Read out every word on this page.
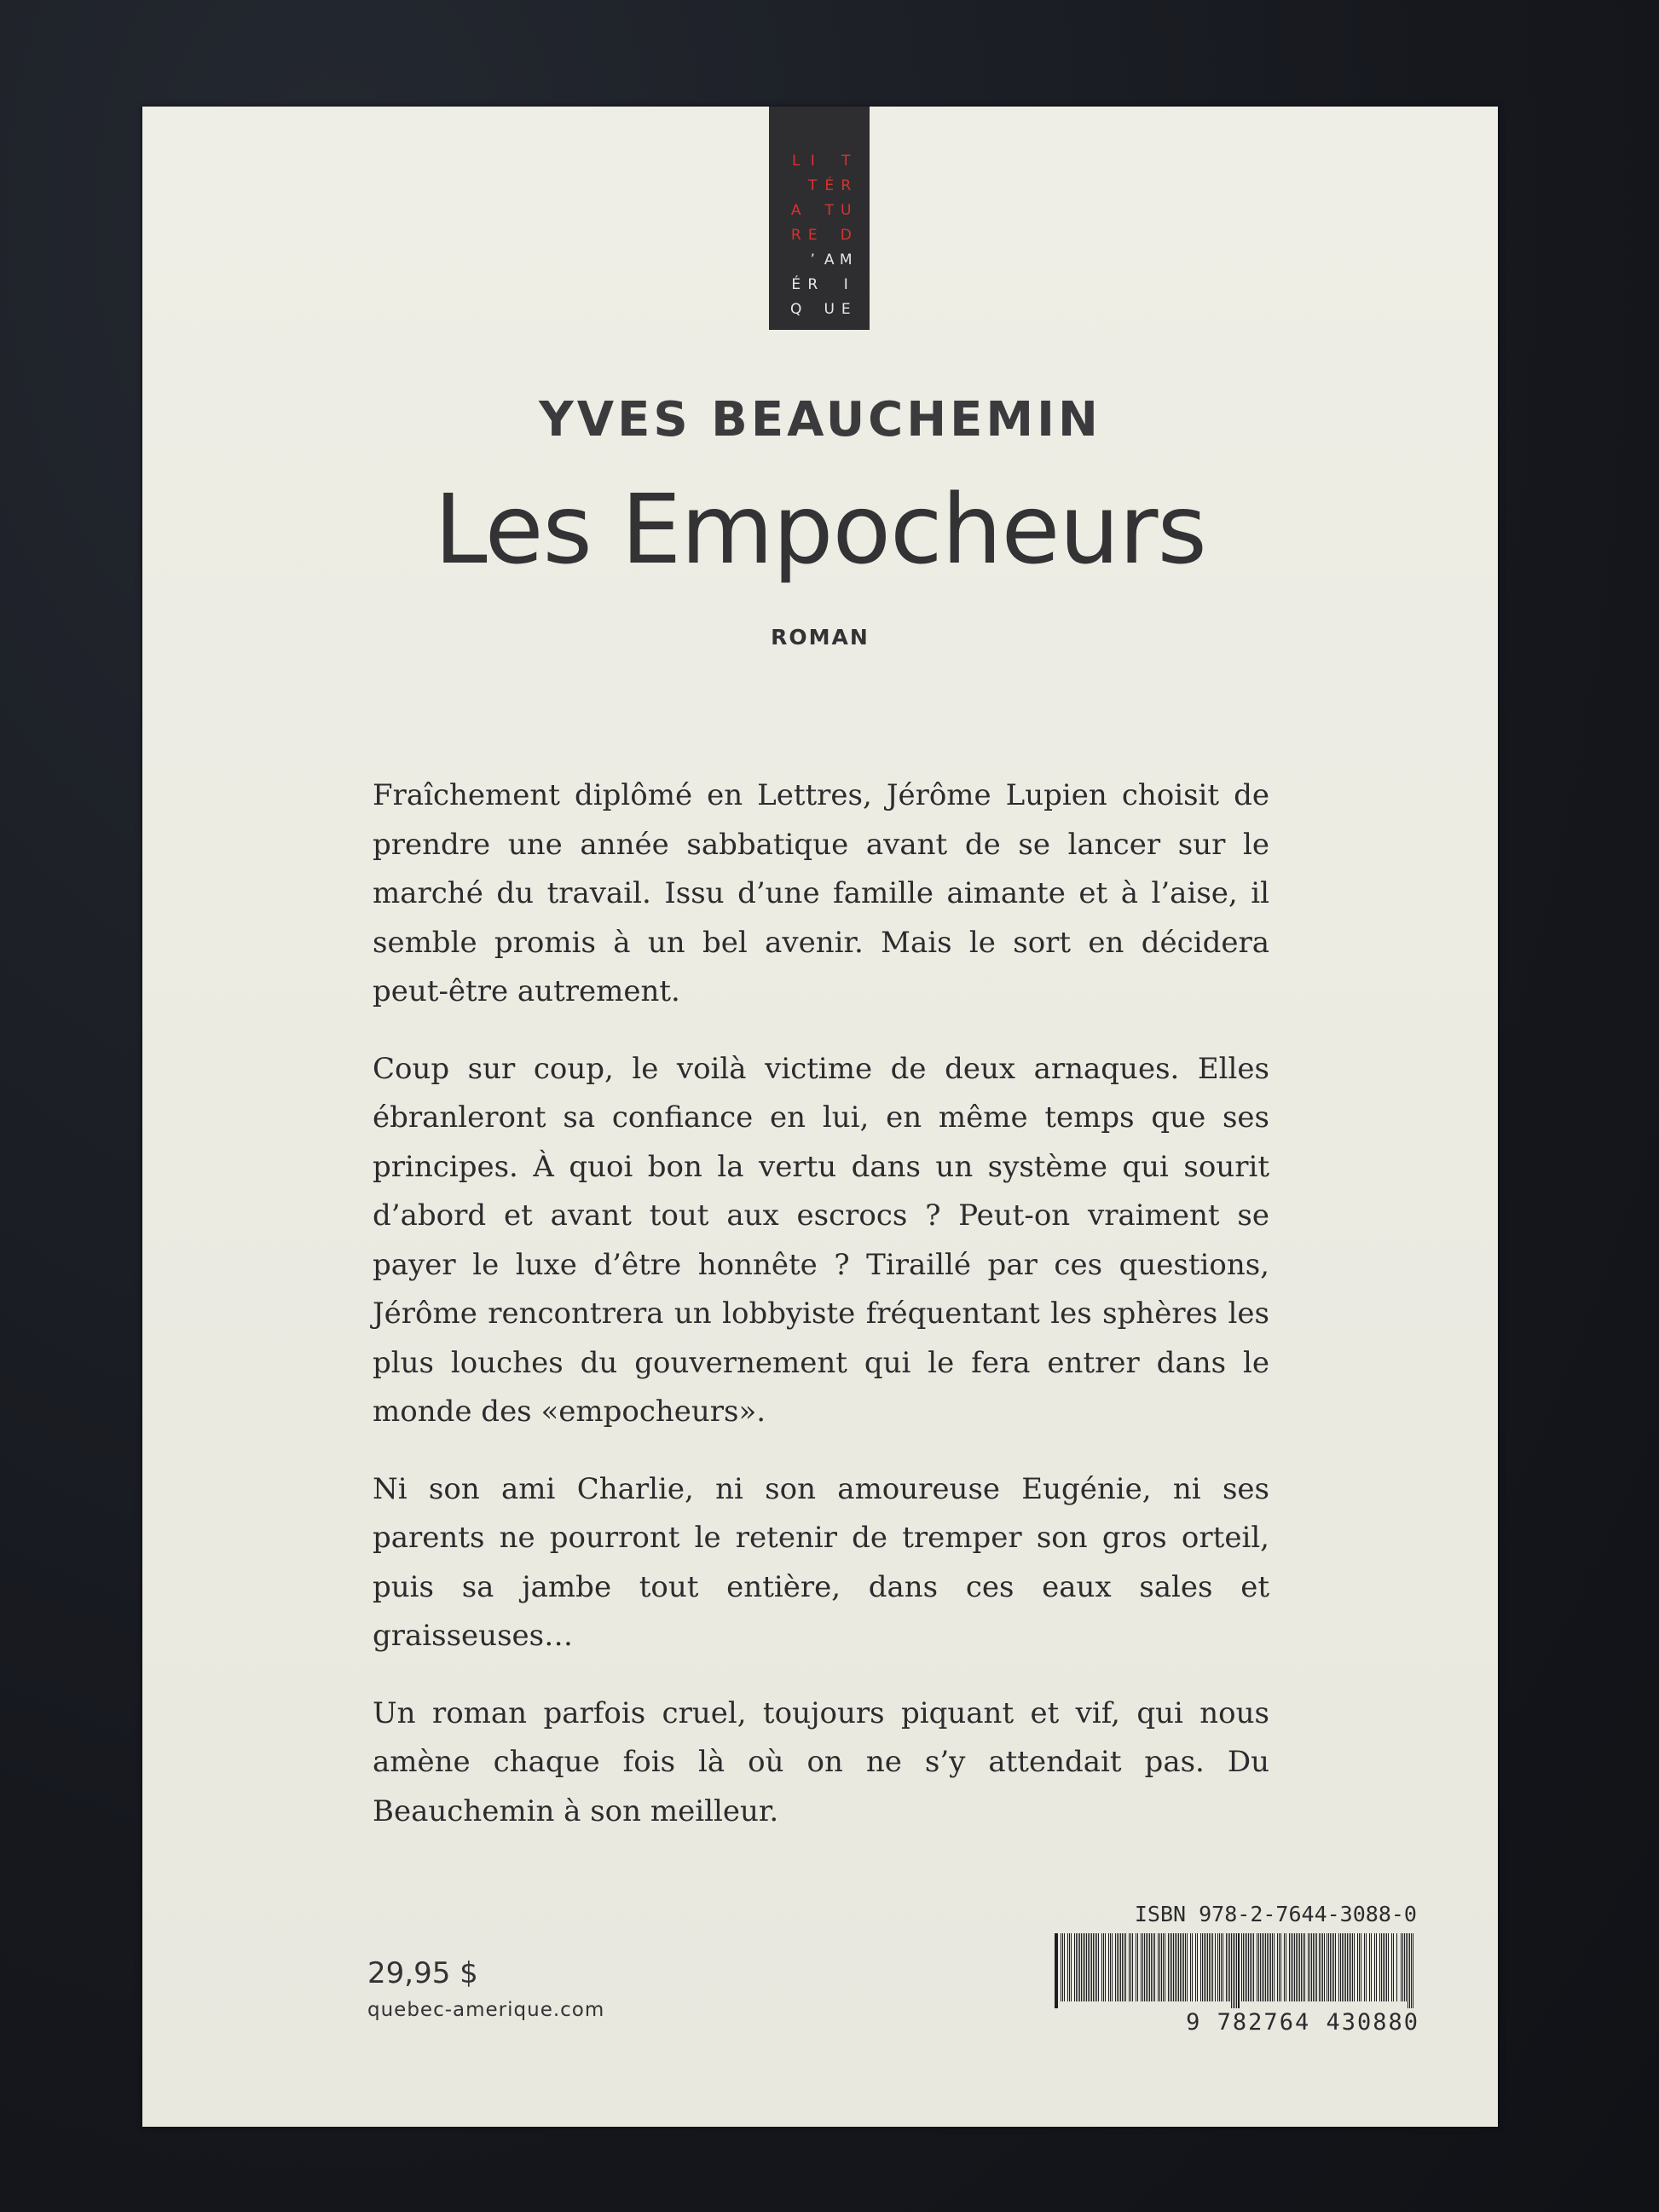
L I	T
T É R
A T U
R E D
’ A M
É R	I
Q U E
YVES BEAUCHEMIN
Les Empocheurs
ROMAN

Fraîchement diplômé en Lettres, Jérôme Lupien choisit de prendre une année sabbatique avant de se lancer sur le marché du travail. Issu d’une famille aimante et à l’aise, il semble promis à un bel avenir. Mais le sort en décidera peut-être autrement.

Coup sur coup, le voilà victime de deux arnaques. Elles ébranleront sa confiance en lui, en même temps que ses principes. À quoi bon la vertu dans un système qui sourit d’abord et avant tout aux escrocs ? Peut-on vraiment se payer le luxe d’être honnête ? Tiraillé par ces questions, Jérôme rencontrera un lobbyiste fréquentant les sphères les plus louches du gouvernement qui le fera entrer dans le monde des «empocheurs».

Ni son ami Charlie, ni son amoureuse Eugénie, ni ses parents ne pourront le retenir de tremper son gros orteil, puis sa jambe tout entière, dans ces eaux sales et graisseuses…

Un roman parfois cruel, toujours piquant et vif, qui nous amène chaque fois là où on ne s’y attendait pas. Du Beauchemin à son meilleur.

29,95 $
quebec-amerique.com
ISBN 978-2-7644-3088-0
9 782764 430880
